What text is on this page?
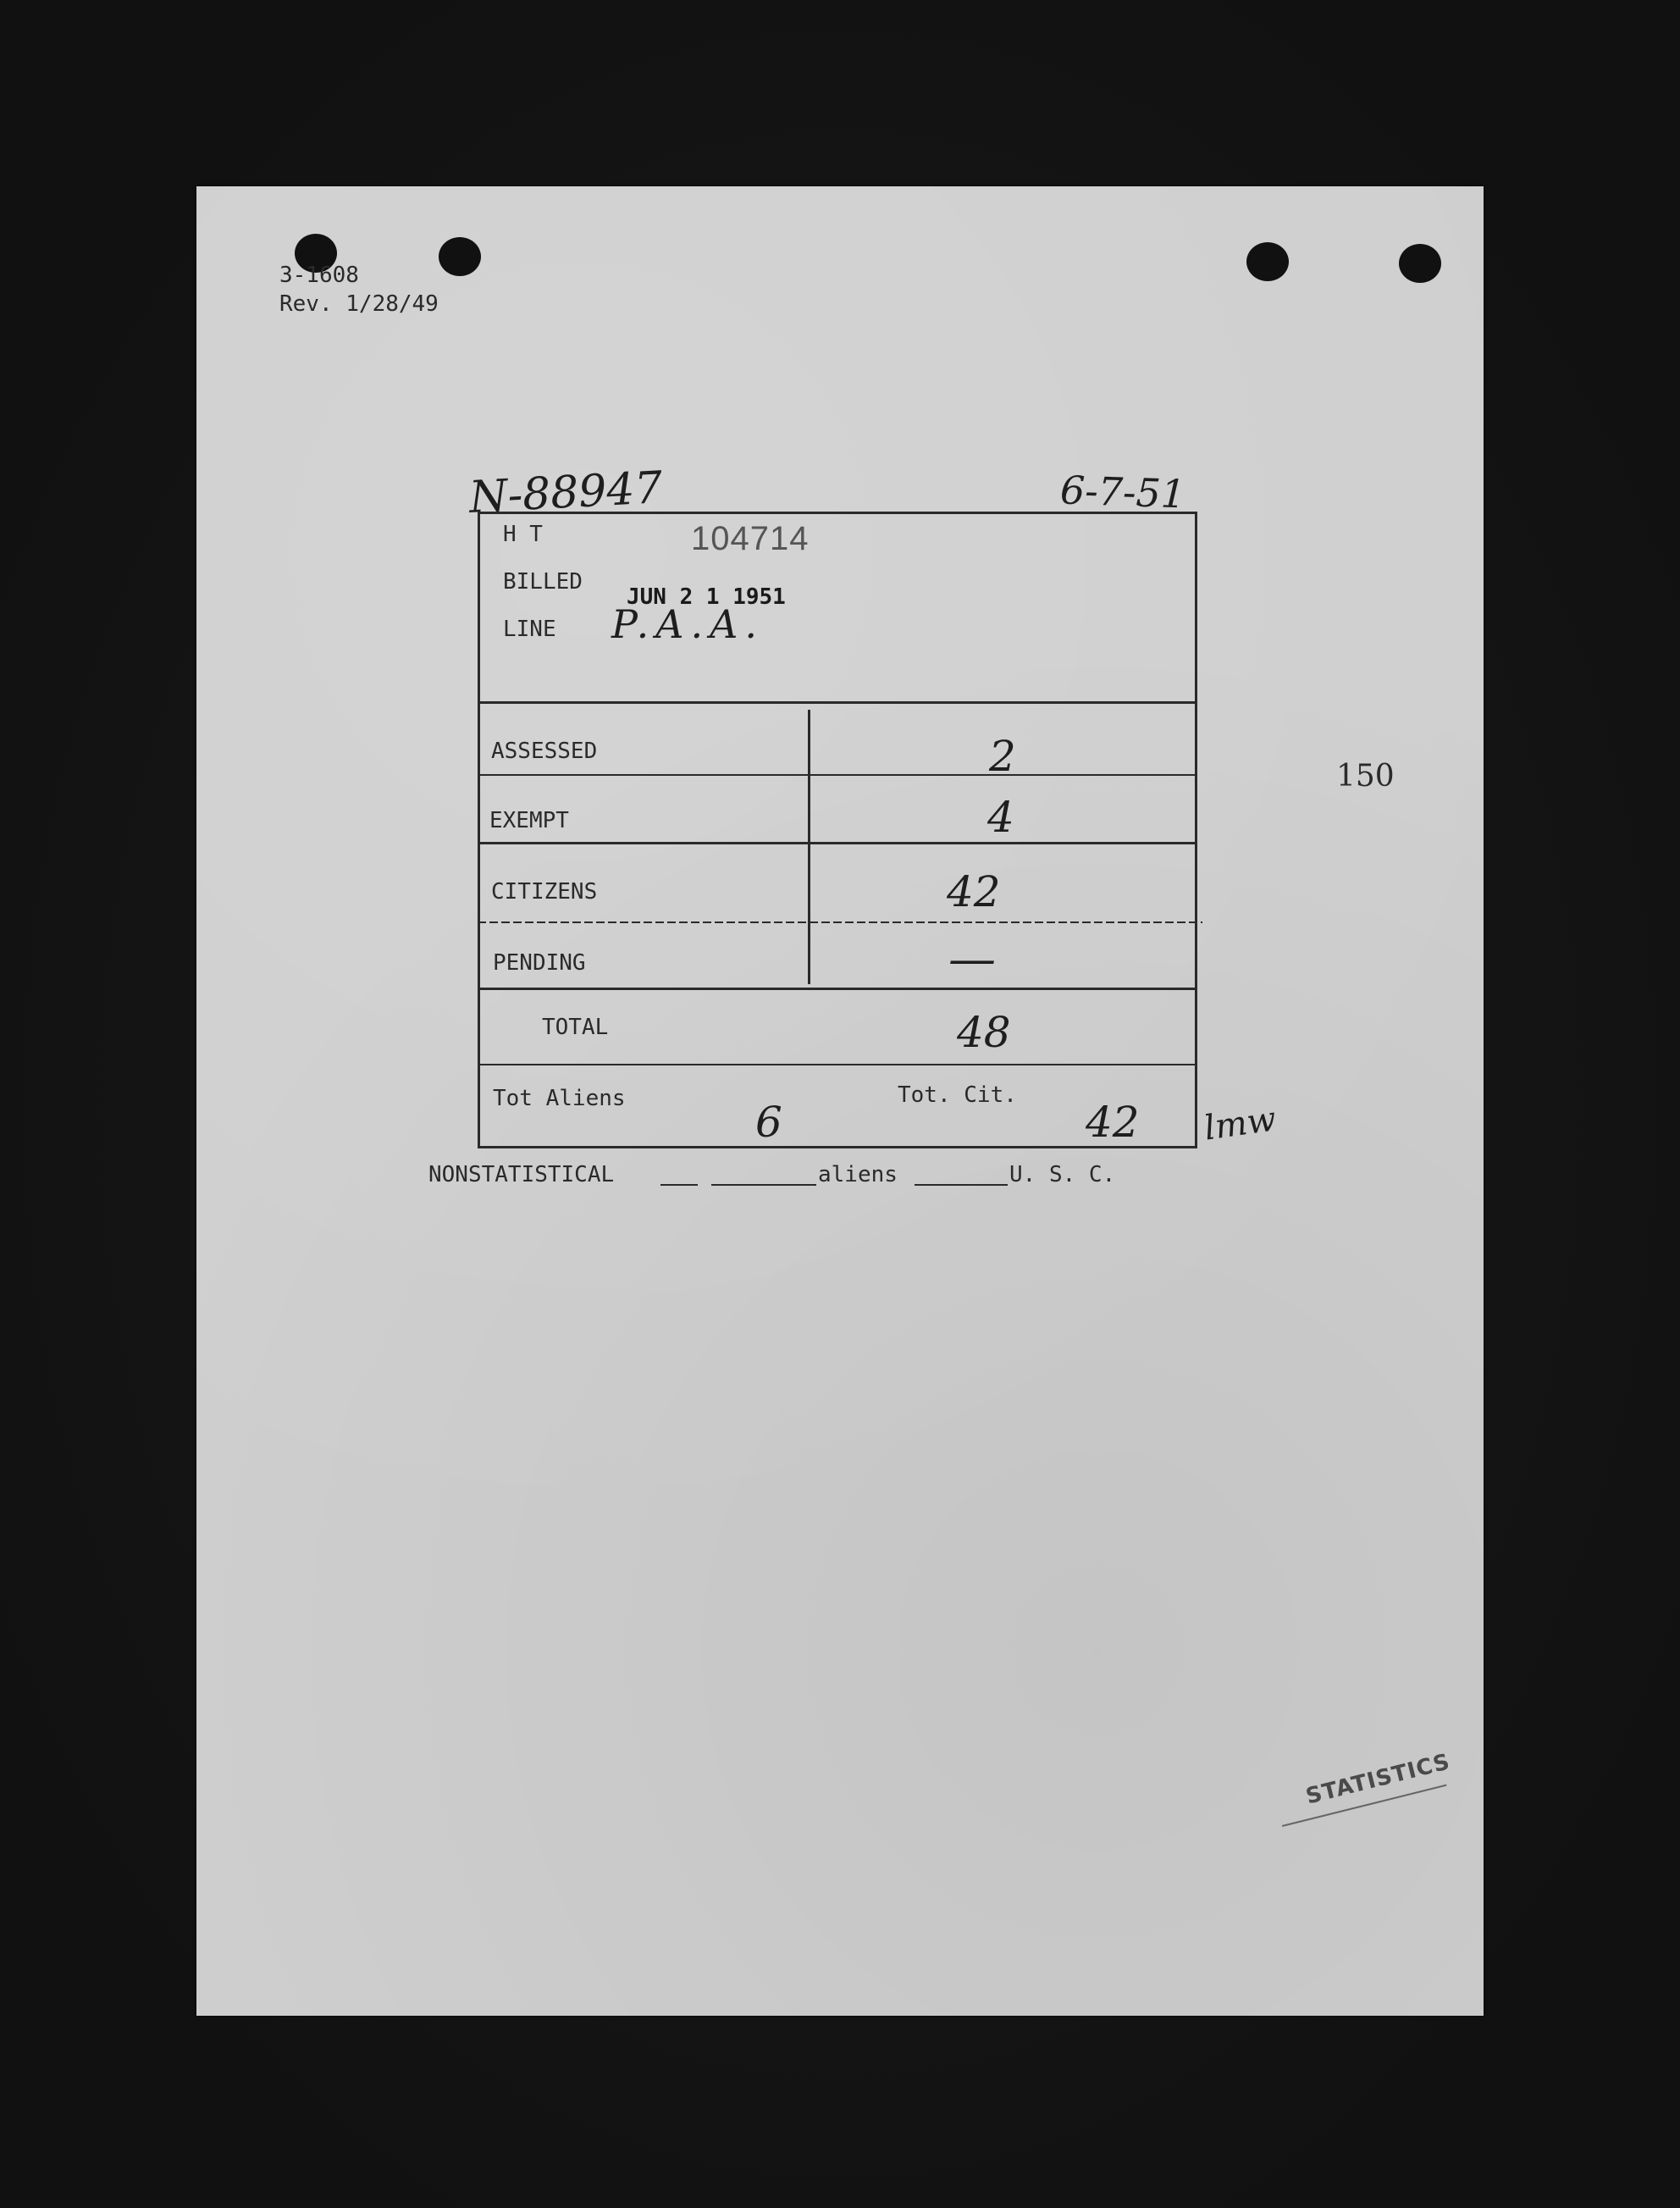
3-1608
Rev. 1/28/49
N-88947	6-7-51
H T	104714
BILLED
JUN 2 1 1951
LINE P.A.A.
ASSESSED	2
EXEMPT	4
CITIZENS	42
PENDING	—
TOTAL	48
Tot Aliens	Tot. Cit.
6	42 lmw
NONSTATISTICAL	aliens	U. S. C.
150
STATISTICS
